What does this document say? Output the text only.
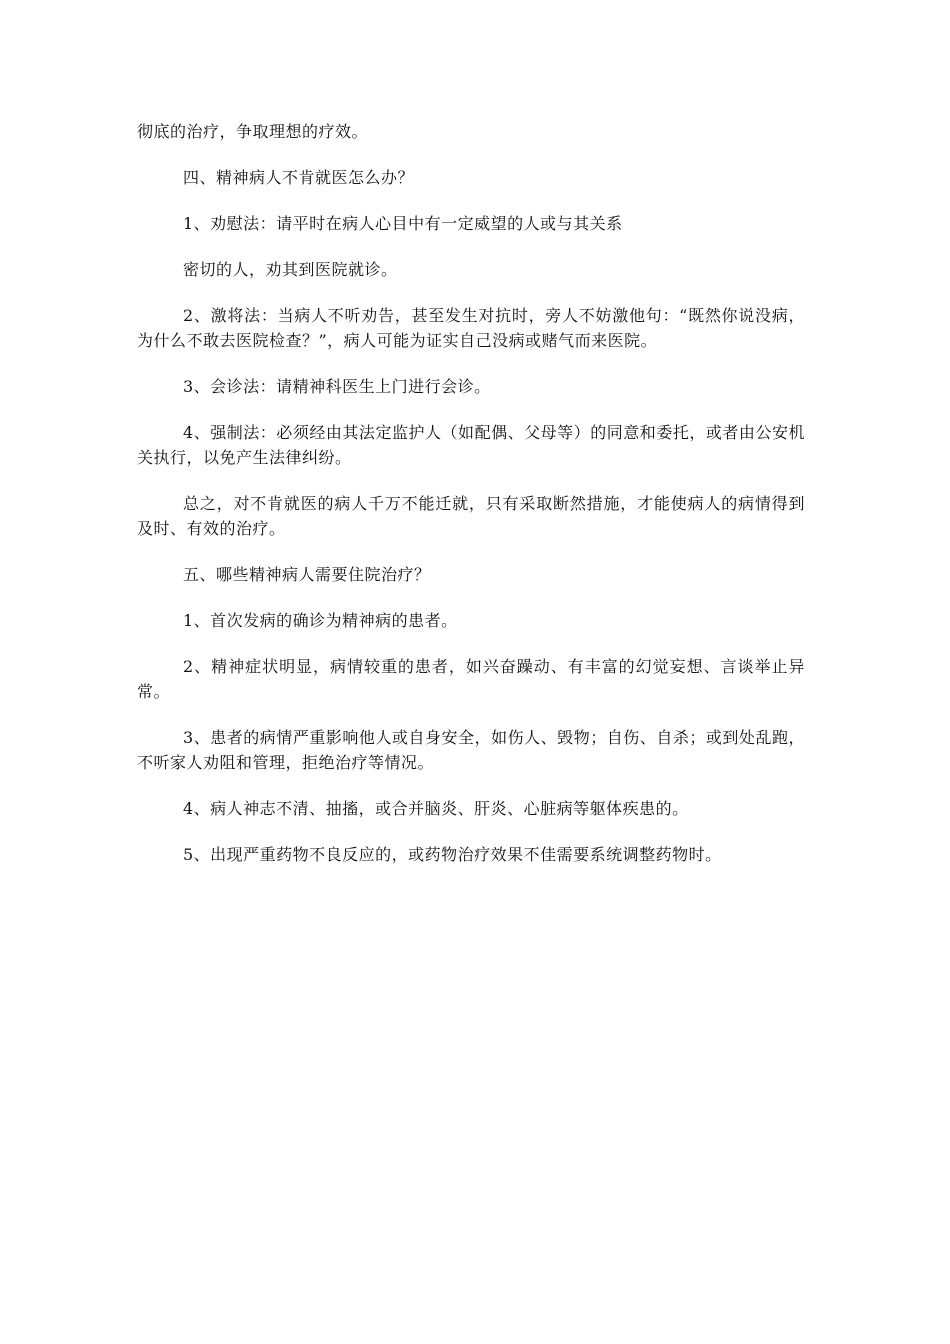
彻底的治疗，争取理想的疗效。

四、精神病人不肯就医怎么办？

1、劝慰法：请平时在病人心目中有一定威望的人或与其关系

密切的人，劝其到医院就诊。

2、激将法：当病人不听劝告，甚至发生对抗时，旁人不妨激他句：“既然你说没病，为什么不敢去医院检查？”，病人可能为证实自己没病或赌气而来医院。

3、会诊法：请精神科医生上门进行会诊。

4、强制法：必须经由其法定监护人（如配偶、父母等）的同意和委托，或者由公安机关执行，以免产生法律纠纷。

总之，对不肯就医的病人千万不能迁就，只有采取断然措施，才能使病人的病情得到及时、有效的治疗。

五、哪些精神病人需要住院治疗？

1、首次发病的确诊为精神病的患者。

2、精神症状明显，病情较重的患者，如兴奋躁动、有丰富的幻觉妄想、言谈举止异常。

3、患者的病情严重影响他人或自身安全，如伤人、毁物；自伤、自杀；或到处乱跑，不听家人劝阻和管理，拒绝治疗等情况。

4、病人神志不清、抽搐，或合并脑炎、肝炎、心脏病等躯体疾患的。

5、出现严重药物不良反应的，或药物治疗效果不佳需要系统调整药物时。
